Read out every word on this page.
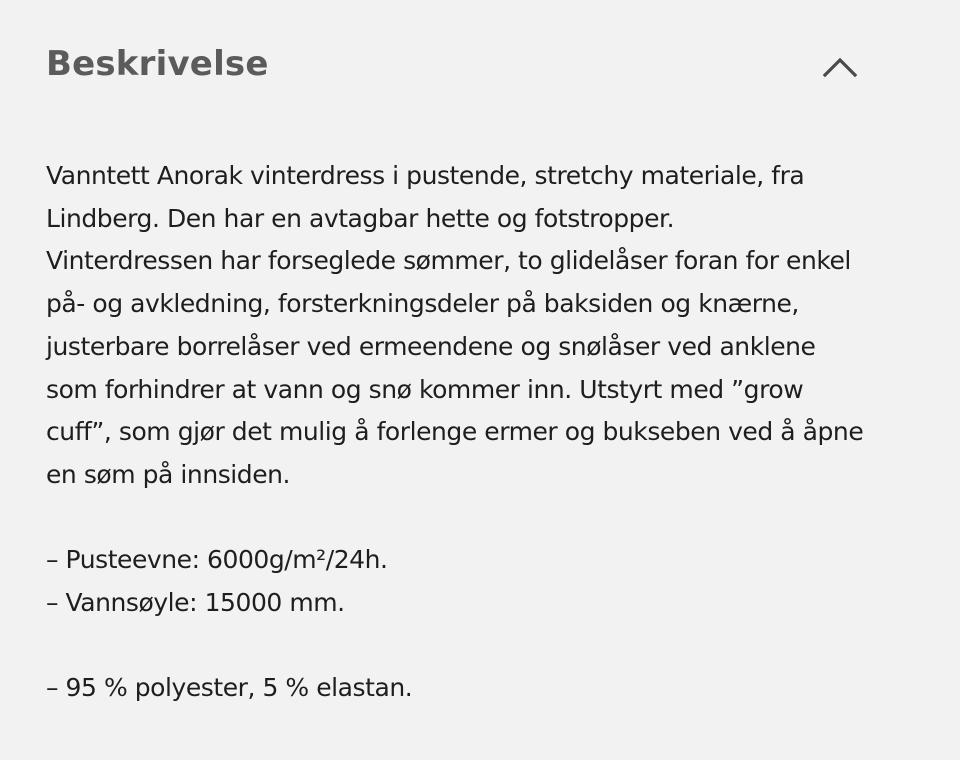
Beskrivelse

Vanntett Anorak vinterdress i pustende, stretchy materiale, fra

Lindberg. Den har en avtagbar hette og fotstropper.

Vinterdressen har forseglede sømmer, to glidelåser foran for enkel

på- og avkledning, forsterkningsdeler på baksiden og knærne,

justerbare borrelåser ved ermeendene og snølåser ved anklene

som forhindrer at vann og snø kommer inn. Utstyrt med ”grow

cuff”, som gjør det mulig å forlenge ermer og bukseben ved å åpne

en søm på innsiden.

– Pusteevne: 6000g/m²/24h.

– Vannsøyle: 15000 mm.

– 95 % polyester, 5 % elastan.
